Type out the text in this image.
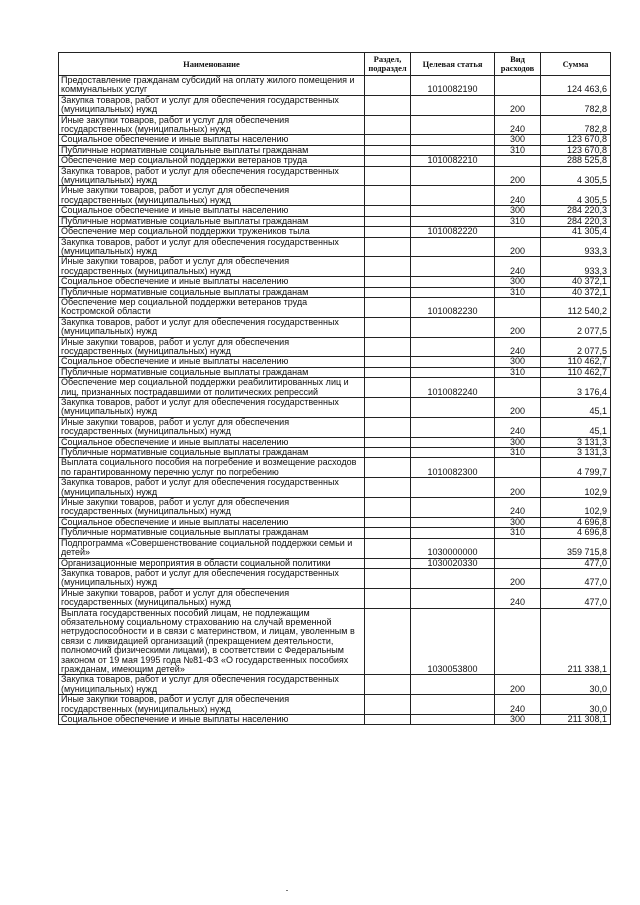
Наименование	Раздел, подраздел	Целевая статья	Вид расходов	Сумма
Предоставление гражданам субсидий на оплату жилого помещения и коммунальных услуг		1010082190		124 463,6
Закупка товаров, работ и услуг для обеспечения государственных (муниципальных) нужд			200	782,8
Иные закупки товаров, работ и услуг для обеспечения государственных (муниципальных) нужд			240	782,8
Социальное обеспечение и иные выплаты населению			300	123 670,8
Публичные нормативные социальные выплаты гражданам			310	123 670,8
Обеспечение мер социальной поддержки ветеранов труда		1010082210		288 525,8
Закупка товаров, работ и услуг для обеспечения государственных (муниципальных) нужд			200	4 305,5
Иные закупки товаров, работ и услуг для обеспечения государственных (муниципальных) нужд			240	4 305,5
Социальное обеспечение и иные выплаты населению			300	284 220,3
Публичные нормативные социальные выплаты гражданам			310	284 220,3
Обеспечение мер социальной поддержки тружеников тыла		1010082220		41 305,4
Закупка товаров, работ и услуг для обеспечения государственных (муниципальных) нужд			200	933,3
Иные закупки товаров, работ и услуг для обеспечения государственных (муниципальных) нужд			240	933,3
Социальное обеспечение и иные выплаты населению			300	40 372,1
Публичные нормативные социальные выплаты гражданам			310	40 372,1
Обеспечение мер социальной поддержки ветеранов труда Костромской области		1010082230		112 540,2
Закупка товаров, работ и услуг для обеспечения государственных (муниципальных) нужд			200	2 077,5
Иные закупки товаров, работ и услуг для обеспечения государственных (муниципальных) нужд			240	2 077,5
Социальное обеспечение и иные выплаты населению			300	110 462,7
Публичные нормативные социальные выплаты гражданам			310	110 462,7
Обеспечение мер социальной поддержки реабилитированных лиц и лиц, признанных пострадавшими от политических репрессий		1010082240		3 176,4
Закупка товаров, работ и услуг для обеспечения государственных (муниципальных) нужд			200	45,1
Иные закупки товаров, работ и услуг для обеспечения государственных (муниципальных) нужд			240	45,1
Социальное обеспечение и иные выплаты населению			300	3 131,3
Публичные нормативные социальные выплаты гражданам			310	3 131,3
Выплата социального пособия на погребение и возмещение расходов по гарантированному перечню услуг по погребению		1010082300		4 799,7
Закупка товаров, работ и услуг для обеспечения государственных (муниципальных) нужд			200	102,9
Иные закупки товаров, работ и услуг для обеспечения государственных (муниципальных) нужд			240	102,9
Социальное обеспечение и иные выплаты населению			300	4 696,8
Публичные нормативные социальные выплаты гражданам			310	4 696,8
Подпрограмма «Совершенствование социальной поддержки семьи и детей»		1030000000		359 715,8
Организационные мероприятия в области социальной политики		1030020330		477,0
Закупка товаров, работ и услуг для обеспечения государственных (муниципальных) нужд			200	477,0
Иные закупки товаров, работ и услуг для обеспечения государственных (муниципальных) нужд			240	477,0
Выплата государственных пособий лицам, не подлежащим обязательному социальному страхованию на случай временной нетрудоспособности и в связи с материнством, и лицам, уволенным в связи с ликвидацией организаций (прекращением деятельности, полномочий физическими лицами), в соответствии с Федеральным законом от 19 мая 1995 года №81-ФЗ «О государственных пособиях гражданам, имеющим детей»		1030053800		211 338,1
Закупка товаров, работ и услуг для обеспечения государственных (муниципальных) нужд			200	30,0
Иные закупки товаров, работ и услуг для обеспечения государственных (муниципальных) нужд			240	30,0
Социальное обеспечение и иные выплаты населению			300	211 308,1
